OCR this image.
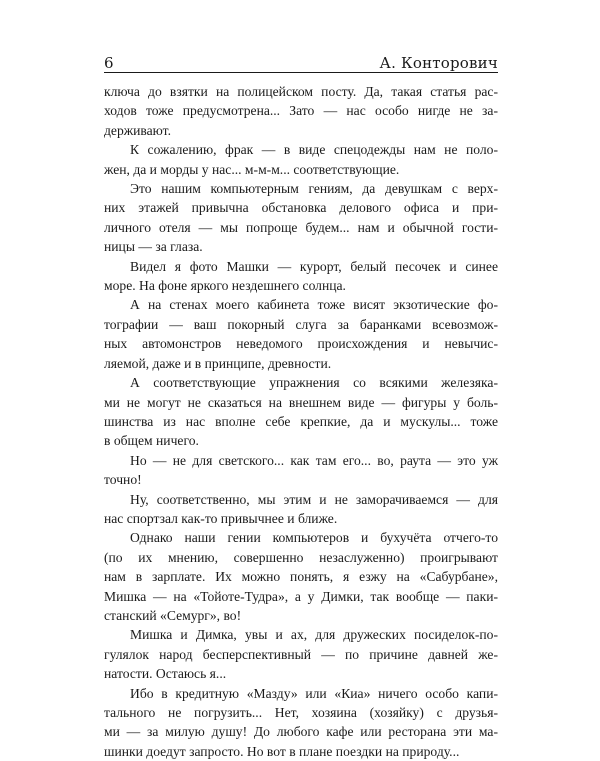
6	А. Конторович

ключа до взятки на полицейском посту. Да, такая статья рас-
ходов тоже предусмотрена... Зато — нас особо нигде не за-
держивают.

К сожалению, фрак — в виде спецодежды нам не поло-
жен, да и морды у нас... м-м-м... соответствующие.

Это нашим компьютерным гениям, да девушкам с верх-
них этажей привычна обстановка делового офиса и при-
личного отеля — мы попроще будем... нам и обычной гости-
ницы — за глаза.

Видел я фото Машки — курорт, белый песочек и синее
море. На фоне яркого нездешнего солнца.

А на стенах моего кабинета тоже висят экзотические фо-
тографии — ваш покорный слуга за баранками всевозмож-
ных автомонстров неведомого происхождения и невычис-
ляемой, даже и в принципе, древности.

А соответствующие упражнения со всякими железяка-
ми не могут не сказаться на внешнем виде — фигуры у боль-
шинства из нас вполне себе крепкие, да и мускулы... тоже
в общем ничего.

Но — не для светского... как там его... во, раута — это уж
точно!

Ну, соответственно, мы этим и не заморачиваемся — для
нас спортзал как-то привычнее и ближе.

Однако наши гении компьютеров и бухучёта отчего-то
(по их мнению, совершенно незаслуженно) проигрывают
нам в зарплате. Их можно понять, я езжу на «Сабурбане»,
Мишка — на «Тойоте-Тудра», а у Димки, так вообще — паки-
станский «Семург», во!

Мишка и Димка, увы и ах, для дружеских посиделок-по-
гулялок народ бесперспективный — по причине давней же-
натости. Остаюсь я...

Ибо в кредитную «Мазду» или «Киа» ничего особо капи-
тального не погрузить... Нет, хозяина (хозяйку) с друзья-
ми — за милую душу! До любого кафе или ресторана эти ма-
шинки доедут запросто. Но вот в плане поездки на природу...
